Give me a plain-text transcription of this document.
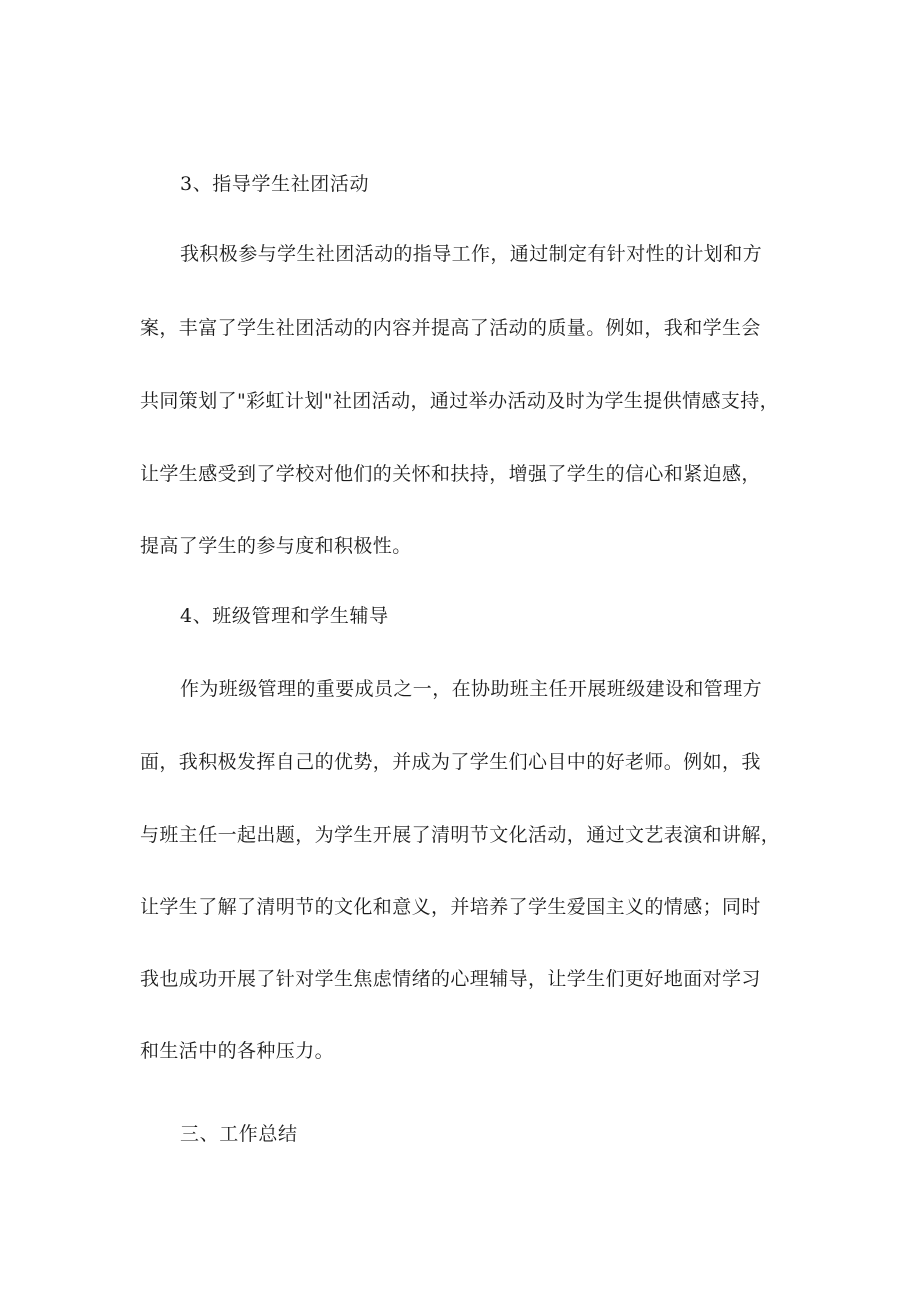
3、指导学生社团活动
我积极参与学生社团活动的指导工作，通过制定有针对性的计划和方
案，丰富了学生社团活动的内容并提高了活动的质量。例如，我和学生会
共同策划了"彩虹计划"社团活动，通过举办活动及时为学生提供情感支持，
让学生感受到了学校对他们的关怀和扶持，增强了学生的信心和紧迫感，
提高了学生的参与度和积极性。
4、班级管理和学生辅导
作为班级管理的重要成员之一，在协助班主任开展班级建设和管理方
面，我积极发挥自己的优势，并成为了学生们心目中的好老师。例如，我
与班主任一起出题，为学生开展了清明节文化活动，通过文艺表演和讲解，
让学生了解了清明节的文化和意义，并培养了学生爱国主义的情感；同时
我也成功开展了针对学生焦虑情绪的心理辅导，让学生们更好地面对学习
和生活中的各种压力。
三、工作总结
